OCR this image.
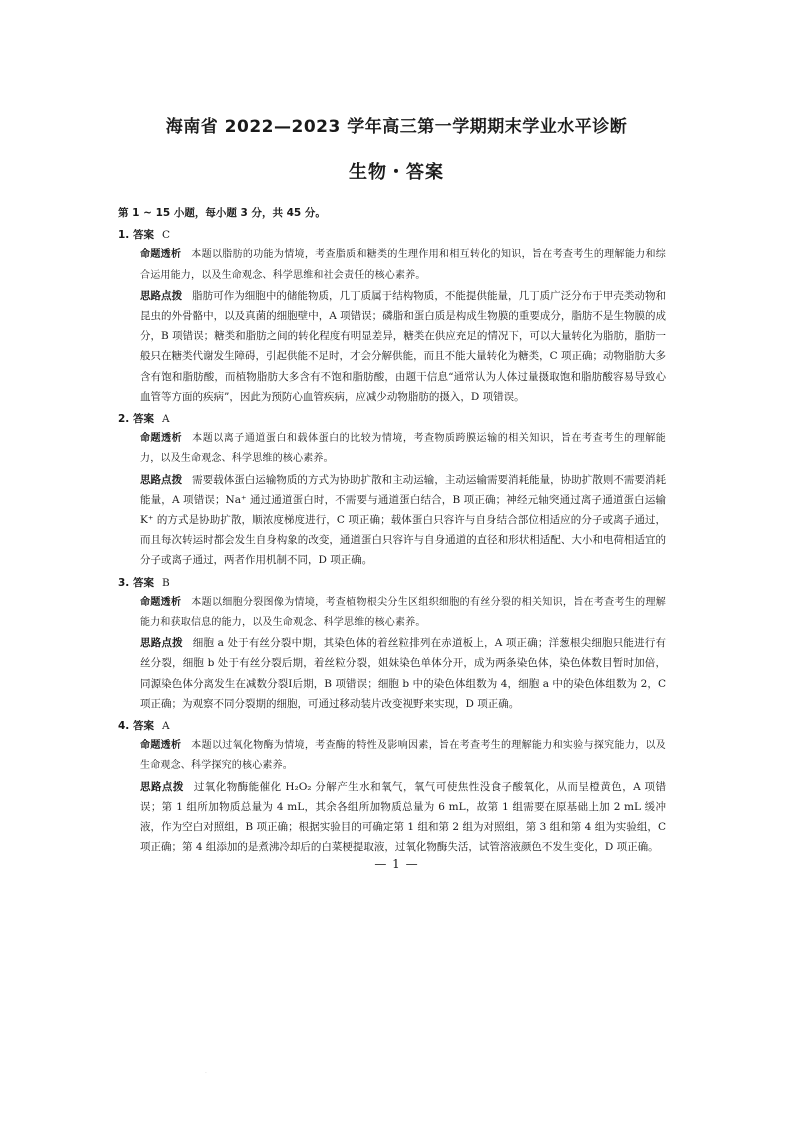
海南省 2022—2023 学年高三第一学期期末学业水平诊断
生物・答案
第 1 ~ 15 小题，每小题 3 分，共 45 分。
1. 答案 C
命题透析 本题以脂肪的功能为情境，考查脂质和糖类的生理作用和相互转化的知识，旨在考查考生的理解能力和综合运用能力，以及生命观念、科学思维和社会责任的核心素养。
思路点拨 脂肪可作为细胞中的储能物质，几丁质属于结构物质，不能提供能量，几丁质广泛分布于甲壳类动物和昆虫的外骨骼中，以及真菌的细胞壁中，A 项错误；磷脂和蛋白质是构成生物膜的重要成分，脂肪不是生物膜的成分，B 项错误；糖类和脂肪之间的转化程度有明显差异，糖类在供应充足的情况下，可以大量转化为脂肪，脂肪一般只在糖类代谢发生障碍，引起供能不足时，才会分解供能，而且不能大量转化为糖类，C 项正确；动物脂肪大多含有饱和脂肪酸，而植物脂肪大多含有不饱和脂肪酸，由题干信息“通常认为人体过量摄取饱和脂肪酸容易导致心血管等方面的疾病”，因此为预防心血管疾病，应减少动物脂肪的摄入，D 项错误。
2. 答案 A
命题透析 本题以离子通道蛋白和载体蛋白的比较为情境，考查物质跨膜运输的相关知识，旨在考查考生的理解能力，以及生命观念、科学思维的核心素养。
思路点拨 需要载体蛋白运输物质的方式为协助扩散和主动运输，主动运输需要消耗能量，协助扩散则不需要消耗能量，A 项错误；Na⁺ 通过通道蛋白时，不需要与通道蛋白结合，B 项正确；神经元轴突通过离子通道蛋白运输 K⁺ 的方式是协助扩散，顺浓度梯度进行，C 项正确；载体蛋白只容许与自身结合部位相适应的分子或离子通过，而且每次转运时都会发生自身构象的改变，通道蛋白只容许与自身通道的直径和形状相适配、大小和电荷相适宜的分子或离子通过，两者作用机制不同，D 项正确。
3. 答案 B
命题透析 本题以细胞分裂图像为情境，考查植物根尖分生区组织细胞的有丝分裂的相关知识，旨在考查考生的理解能力和获取信息的能力，以及生命观念、科学思维的核心素养。
思路点拨 细胞 a 处于有丝分裂中期，其染色体的着丝粒排列在赤道板上，A 项正确；洋葱根尖细胞只能进行有丝分裂，细胞 b 处于有丝分裂后期，着丝粒分裂，姐妹染色单体分开，成为两条染色体，染色体数目暂时加倍，同源染色体分离发生在减数分裂Ⅰ后期，B 项错误；细胞 b 中的染色体组数为 4，细胞 a 中的染色体组数为 2，C 项正确；为观察不同分裂期的细胞，可通过移动装片改变视野来实现，D 项正确。
4. 答案 A
命题透析 本题以过氧化物酶为情境，考查酶的特性及影响因素，旨在考查考生的理解能力和实验与探究能力，以及生命观念、科学探究的核心素养。
思路点拨 过氧化物酶能催化 H₂O₂ 分解产生水和氧气，氧气可使焦性没食子酸氧化，从而呈橙黄色，A 项错误；第 1 组所加物质总量为 4 mL，其余各组所加物质总量为 6 mL，故第 1 组需要在原基础上加 2 mL 缓冲液，作为空白对照组，B 项正确；根据实验目的可确定第 1 组和第 2 组为对照组，第 3 组和第 4 组为实验组，C 项正确；第 4 组添加的是煮沸冷却后的白菜梗提取液，过氧化物酶失活，试管溶液颜色不发生变化，D 项正确。
— 1 —
．
